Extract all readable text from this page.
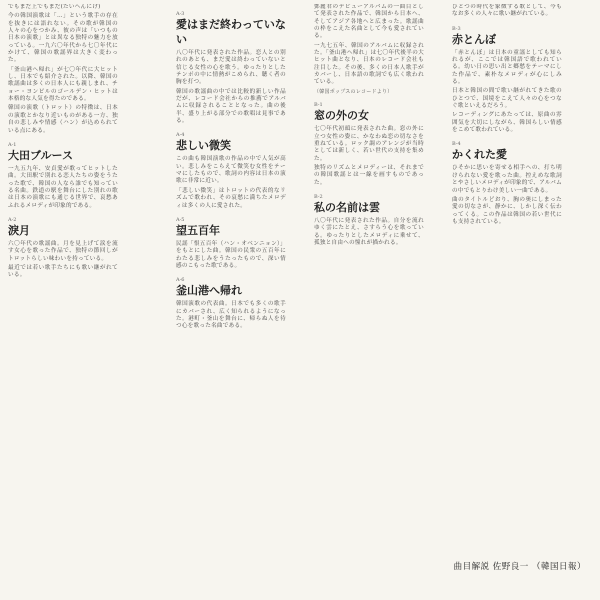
でもまだ上でもまだ(たいへんにげ)

今の韓国演歌は「…」という歌手の存在を抜きには語れない。その歌が韓国の人々の心をつかみ、彼の声は「いつもの日本の演歌」とは異なる独特の魅力を放っている。一九六〇年代から七〇年代にかけて、韓国の歌謡界は大きく変わった。

「釜山港へ帰れ」が七〇年代に大ヒットし、日本でも紹介された。以降、韓国の歌謡曲は多くの日本人にも親しまれ、チョー・ヨンピルのゴールデン・ヒットは本格的な人気を得たのである。

韓国の演歌（トロット）の特徴は、日本の演歌とかなり近いものがある一方、独自の悲しみや情感（ハン）が込められている点にある。

A-1
大田ブルース

一九五九年、安貞愛が歌ってヒットした曲。大田駅で別れる恋人たちの姿をうたった歌で、韓国の人なら誰でも知っている名曲。鉄道の駅を舞台にした別れの歌は日本の演歌にも通じる世界で、哀愁あふれるメロディが印象的である。

A-2
淚月

六〇年代の歌謡曲。月を見上げて涙を流す女心を歌った作品で、独特の節回しがトロットらしい味わいを持っている。

最近では若い歌手たちにも歌い継がれている。

A-3
愛はまだ終わっていない

八〇年代に発表された作品。恋人との別れのあとも、まだ愛は終わっていないと信じる女性の心を歌う。ゆったりとしたテンポの中に情熱がこめられ、聴く者の胸を打つ。

韓国の歌謡曲の中では比較的新しい作品だが、レコード会社からの推薦でアルバムに収録されることとなった。曲の後半、盛り上がる部分での歌唱は見事である。

A-4
悲しい微笑

この曲も韓国演歌の作品の中で人気が高い。悲しみをこらえて微笑む女性をテーマにしたもので、歌詞の内容は日本の演歌に非常に近い。

「悲しい微笑」はトロットの代表的なリズムで歌われ、その哀愁に満ちたメロディは多くの人に愛された。

A-5
望五百年

民謡「恨五百年（ハン・オベンニョン）」をもとにした曲。韓国の民衆の五百年にわたる悲しみをうたったもので、深い情感のこもった歌である。

A-6
釜山港へ帰れ

韓国演歌の代表曲。日本でも多くの歌手にカバーされ、広く知られるようになった。港町・釜山を舞台に、帰らぬ人を待つ心を歌った名曲である。

鄧麗君のデビューアルバムの一曲目として発表された作品で、韓国から日本へ、そしてアジア各地へと広まった。歌謡曲の枠をこえた名曲として今も愛されている。

一九七五年、韓国のアルバムに収録された。「釜山港へ帰れ」は七〇年代後半の大ヒット曲となり、日本のレコード会社も注目した。その後、多くの日本人歌手がカバーし、日本語の歌詞でも広く歌われている。

（韓国ポップスのレコードより）

B-1
窓の外の女

七〇年代初頭に発表された曲。窓の外に立つ女性の姿に、かなわぬ恋の切なさを重ねている。ロック調のアレンジが当時としては新しく、若い世代の支持を集めた。

独特のリズムとメロディーは、それまでの韓国歌謡とは一線を画すものであった。

B-2
私の名前は雲

八〇年代に発表された作品。自分を流れゆく雲にたとえ、さすらう心を歌っている。ゆったりとしたメロディに乗せて、孤独と自由への憧れが描かれる。

ひとつの時代を象徴する歌として、今もなお多くの人々に歌い継がれている。

B-3
赤とんぼ

「赤とんぼ」は日本の童謡としても知られるが、ここでは韓国語で歌われている。幼い日の思い出と郷愁をテーマにした作品で、素朴なメロディが心にしみる。

日本と韓国の間で歌い継がれてきた歌のひとつで、国境をこえて人々の心をつなぐ歌といえるだろう。

レコーディングにあたっては、原曲の雰囲気を大切にしながら、韓国らしい情感をこめて歌われている。

B-4
かくれた愛

ひそかに思いを寄せる相手への、打ち明けられない愛を歌った曲。控えめな歌詞とやさしいメロディが印象的で、アルバムの中でもとりわけ美しい一曲である。

曲のタイトルどおり、胸の奥にしまった愛の切なさが、静かに、しかし深く伝わってくる。この作品は韓国の若い世代にも支持されている。

曲目解説 佐野良一 （韓国日報）
